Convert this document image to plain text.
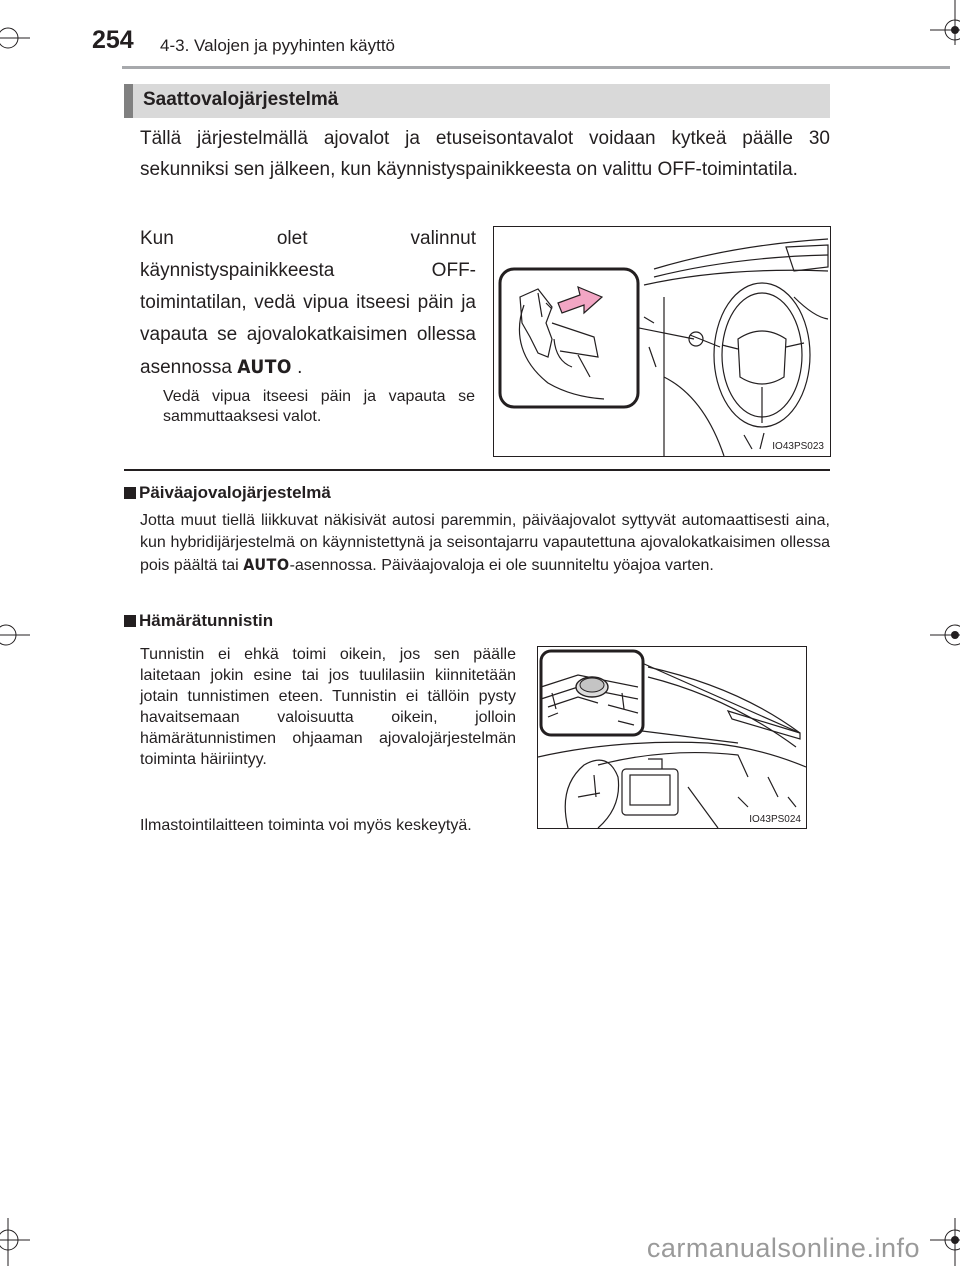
254 4-3. Valojen ja pyyhinten käyttö
Saattovalojärjestelmä

Tällä järjestelmällä ajovalot ja etuseisontavalot voidaan kytkeä päälle 30 sekunniksi sen jälkeen, kun käynnistyspainikkeesta on valittu OFF-toimintatila.

Kun olet valinnut käynnistyspainikkeesta OFF-toimintatilan, vedä vipua itseesi päin ja vapauta se ajovalokatkaisimen ollessa asennossa AUTO .

Vedä vipua itseesi päin ja vapauta se sammuttaaksesi valot.

IO43PS023
Päiväajovalojärjestelmä

Jotta muut tiellä liikkuvat näkisivät autosi paremmin, päiväajovalot syttyvät automaattisesti aina, kun hybridijärjestelmä on käynnistettynä ja seisontajarru vapautettuna ajovalokatkaisimen ollessa pois päältä tai AUTO-asennossa. Päiväajovaloja ei ole suunniteltu yöajoa varten.

Hämärätunnistin

Tunnistin ei ehkä toimi oikein, jos sen päälle laitetaan jokin esine tai jos tuulilasiin kiinnitetään jotain tunnistimen eteen. Tunnistin ei tällöin pysty havaitsemaan valoisuutta oikein, jolloin hämärätunnistimen ohjaaman ajovalojärjestelmän toiminta häiriintyy.

Ilmastointilaitteen toiminta voi myös keskeytyä.	IO43PS024
carmanualsonline.info
